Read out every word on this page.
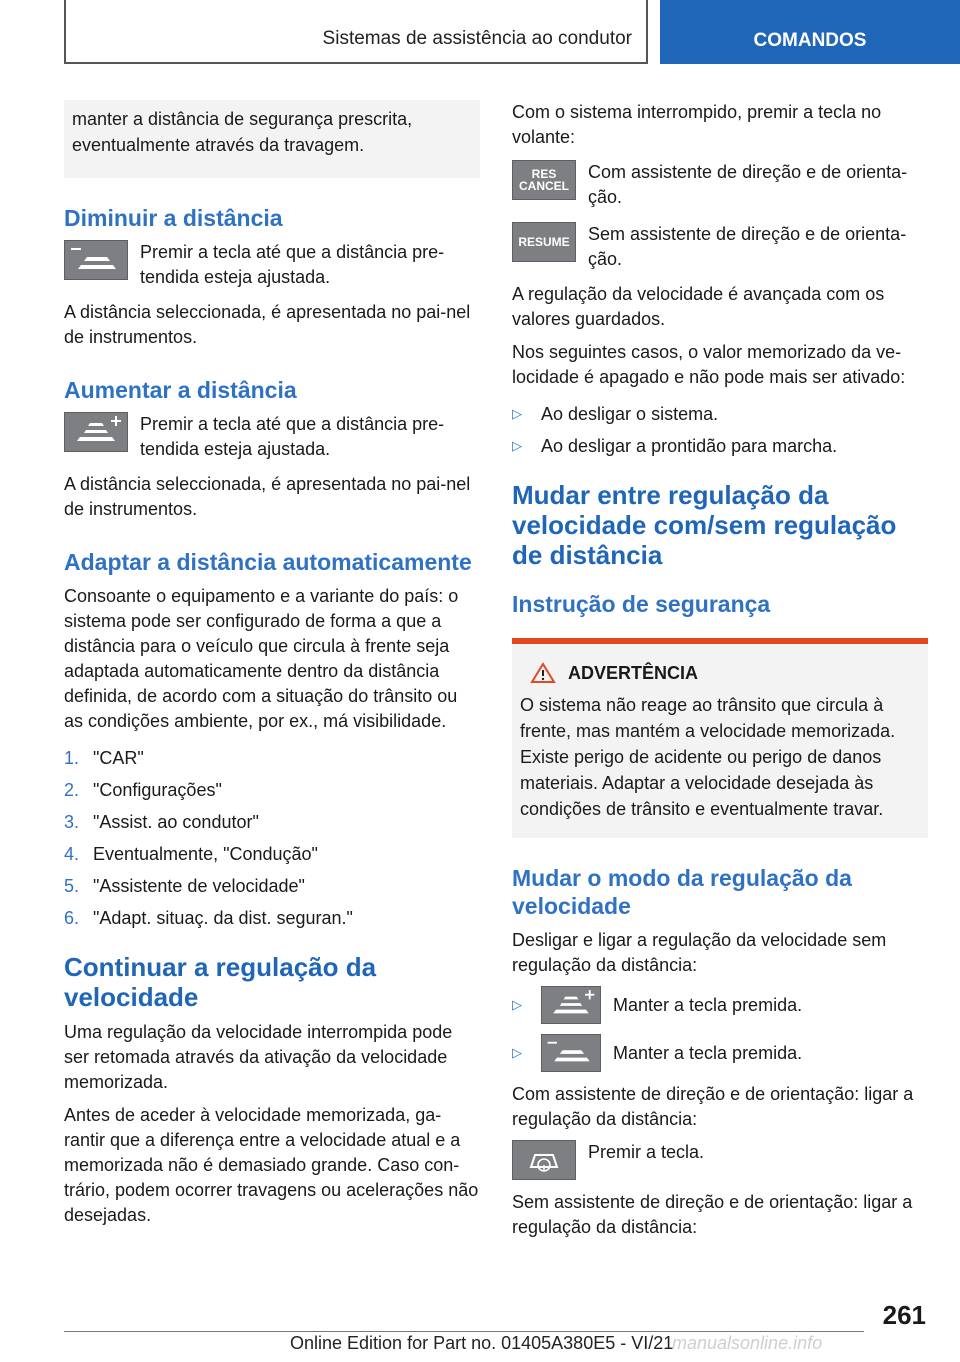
Sistemas de assistência ao condutor	COMANDOS
manter a distância de segurança prescrita, eventualmente através da travagem.
Diminuir a distância
Premir a tecla até que a distância pre-tendida esteja ajustada.

A distância seleccionada, é apresentada no pai-nel de instrumentos.

Aumentar a distância
Premir a tecla até que a distância pre-tendida esteja ajustada.

A distância seleccionada, é apresentada no pai-nel de instrumentos.

Adaptar a distância automaticamente

Consoante o equipamento e a variante do país: o sistema pode ser configurado de forma a que a distância para o veículo que circula à frente seja adaptada automaticamente dentro da distância definida, de acordo com a situação do trânsito ou as condições ambiente, por ex., má visibilidade.

1. "CAR"
2. "Configurações"
3. "Assist. ao condutor"
4. Eventualmente, "Condução"
5. "Assistente de velocidade"
6. "Adapt. situaç. da dist. seguran."
Continuar a regulação da velocidade

Uma regulação da velocidade interrompida pode ser retomada através da ativação da velocidade memorizada.

Antes de aceder à velocidade memorizada, ga-rantir que a diferença entre a velocidade atual e a memorizada não é demasiado grande. Caso con-trário, podem ocorrer travagens ou acelerações não desejadas.

Com o sistema interrompido, premir a tecla no volante:

RES
CANCEL
Com assistente de direção e de orienta-ção.
RESUME Sem assistente de direção e de orienta-ção.

A regulação da velocidade é avançada com os valores guardados.

Nos seguintes casos, o valor memorizado da ve-locidade é apagado e não pode mais ser ativado:

▷	Ao desligar o sistema.
▷	Ao desligar a prontidão para marcha.
Mudar entre regulação da velocidade com/sem regulação de distância
Instrução de segurança
ADVERTÊNCIA
O sistema não reage ao trânsito que circula à frente, mas mantém a velocidade memorizada. Existe perigo de acidente ou perigo de danos materiais. Adaptar a velocidade desejada às condições de trânsito e eventualmente travar.
Mudar o modo da regulação da velocidade

Desligar e ligar a regulação da velocidade sem regulação da distância:

▷	Manter a tecla premida.
▷	Manter a tecla premida.

Com assistente de direção e de orientação: ligar a regulação da distância:

Premir a tecla.

Sem assistente de direção e de orientação: ligar a regulação da distância:

261
Online Edition for Part no. 01405A380E5 - VI/21
manualsonline.info
